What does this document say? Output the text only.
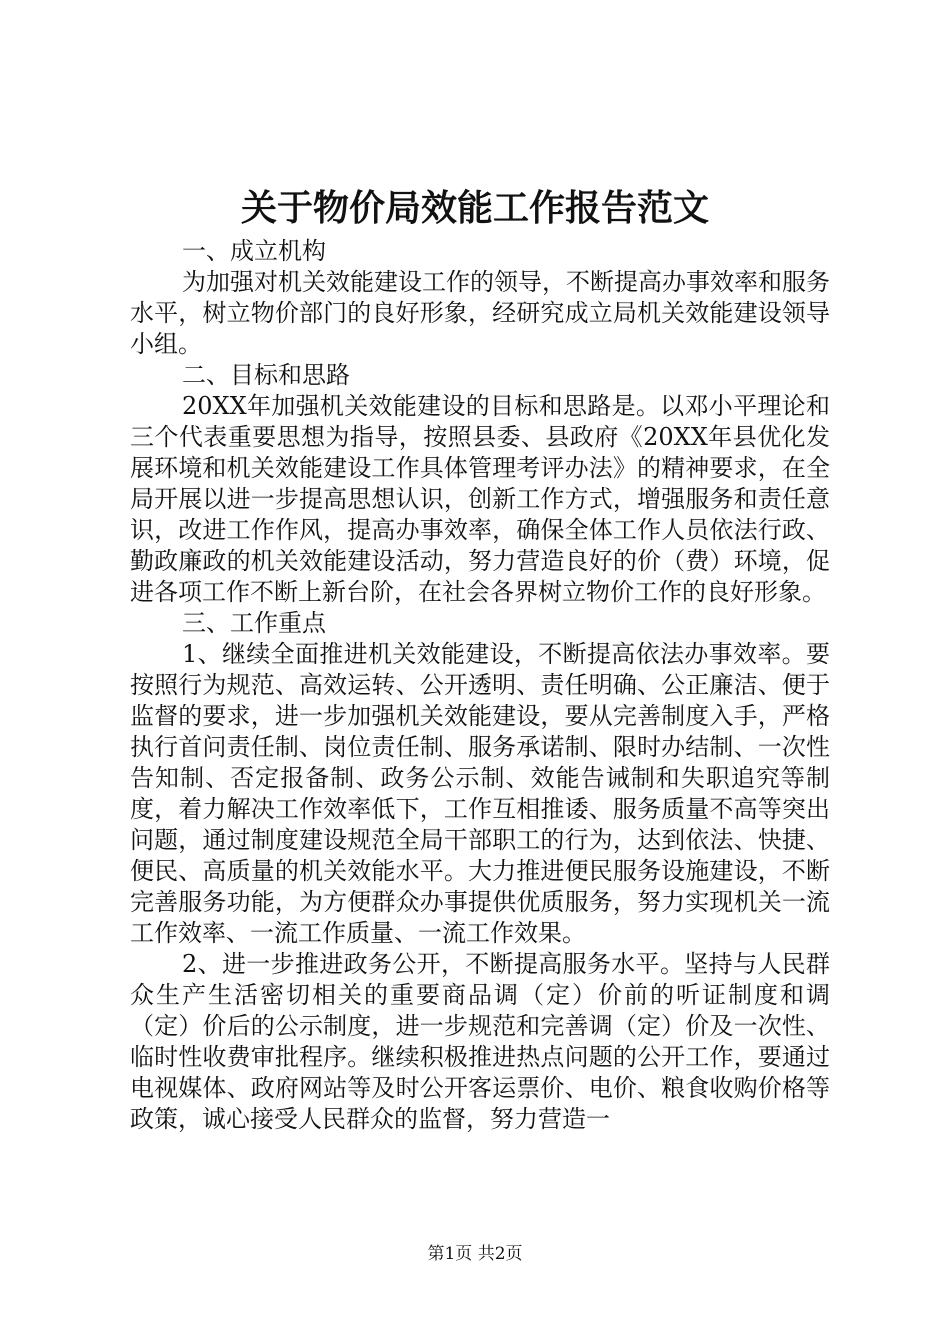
关于物价局效能工作报告范文

一、成立机构

为加强对机关效能建设工作的领导，不断提高办事效率和服务水平，树立物价部门的良好形象，经研究成立局机关效能建设领导小组。

二、目标和思路

20XX年加强机关效能建设的目标和思路是。以邓小平理论和三个代表重要思想为指导，按照县委、县政府《20XX年县优化发展环境和机关效能建设工作具体管理考评办法》的精神要求，在全局开展以进一步提高思想认识，创新工作方式，增强服务和责任意识，改进工作作风，提高办事效率，确保全体工作人员依法行政、勤政廉政的机关效能建设活动，努力营造良好的价（费）环境，促进各项工作不断上新台阶，在社会各界树立物价工作的良好形象。

三、工作重点

1、继续全面推进机关效能建设，不断提高依法办事效率。要按照行为规范、高效运转、公开透明、责任明确、公正廉洁、便于监督的要求，进一步加强机关效能建设，要从完善制度入手，严格执行首问责任制、岗位责任制、服务承诺制、限时办结制、一次性告知制、否定报备制、政务公示制、效能告诫制和失职追究等制度，着力解决工作效率低下，工作互相推诿、服务质量不高等突出问题，通过制度建设规范全局干部职工的行为，达到依法、快捷、便民、高质量的机关效能水平。大力推进便民服务设施建设，不断完善服务功能，为方便群众办事提供优质服务，努力实现机关一流工作效率、一流工作质量、一流工作效果。

2、进一步推进政务公开，不断提高服务水平。坚持与人民群众生产生活密切相关的重要商品调（定）价前的听证制度和调（定）价后的公示制度，进一步规范和完善调（定）价及一次性、临时性收费审批程序。继续积极推进热点问题的公开工作，要通过电视媒体、政府网站等及时公开客运票价、电价、粮食收购价格等政策，诚心接受人民群众的监督，努力营造一

第1页 共2页
